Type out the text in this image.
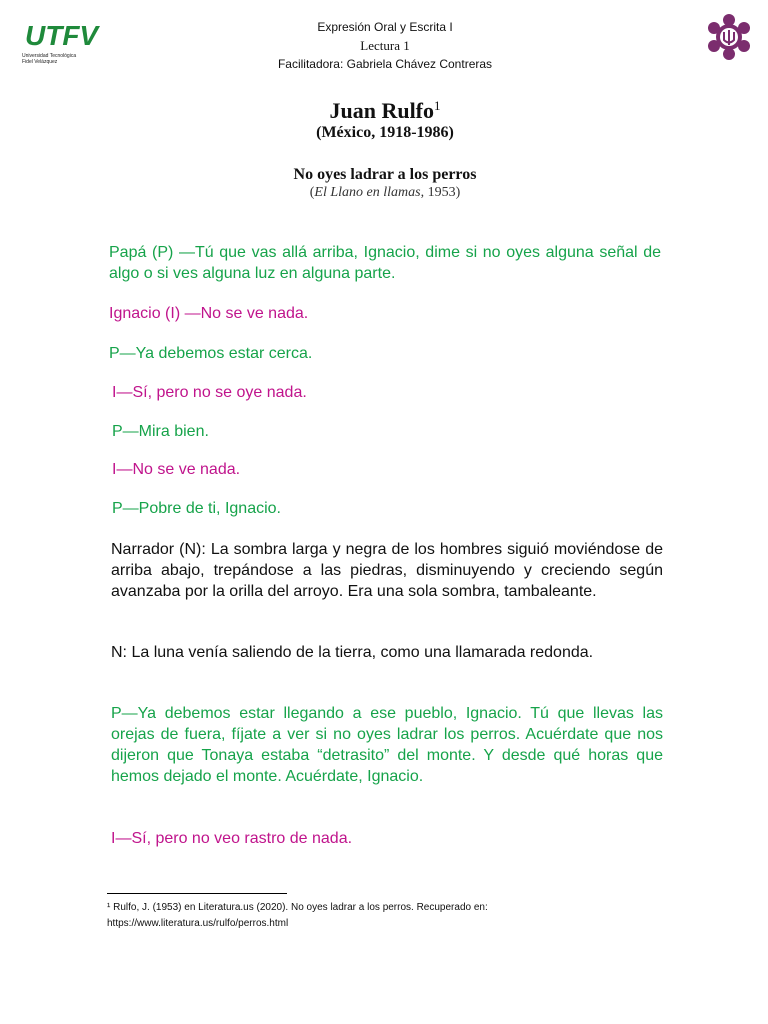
UTFV
Universidad Tecnológica
Fidel Velázquez
Expresión Oral y Escrita I
Lectura 1
Facilitadora: Gabriela Chávez Contreras
Juan Rulfo$^1$
(México, 1918-1986)
No oyes ladrar a los perros
(El Llano en llamas, 1953)
Papá (P) —Tú que vas allá arriba, Ignacio, dime si no oyes alguna señal de algo o si ves alguna luz en alguna parte.
Ignacio (I) —No se ve nada.
P—Ya debemos estar cerca.
I—Sí, pero no se oye nada.
P—Mira bien.
I—No se ve nada.
P—Pobre de ti, Ignacio.
Narrador (N): La sombra larga y negra de los hombres siguió moviéndose de arriba abajo, trepándose a las piedras, disminuyendo y creciendo según avanzaba por la orilla del arroyo. Era una sola sombra, tambaleante.
N: La luna venía saliendo de la tierra, como una llamarada redonda.
P—Ya debemos estar llegando a ese pueblo, Ignacio. Tú que llevas las orejas de fuera, fíjate a ver si no oyes ladrar los perros. Acuérdate que nos dijeron que Tonaya estaba “detrasito” del monte. Y desde qué horas que hemos dejado el monte. Acuérdate, Ignacio.
I—Sí, pero no veo rastro de nada.
¹ Rulfo, J. (1953) en Literatura.us (2020). No oyes ladrar a los perros. Recuperado en:
https://www.literatura.us/rulfo/perros.html
